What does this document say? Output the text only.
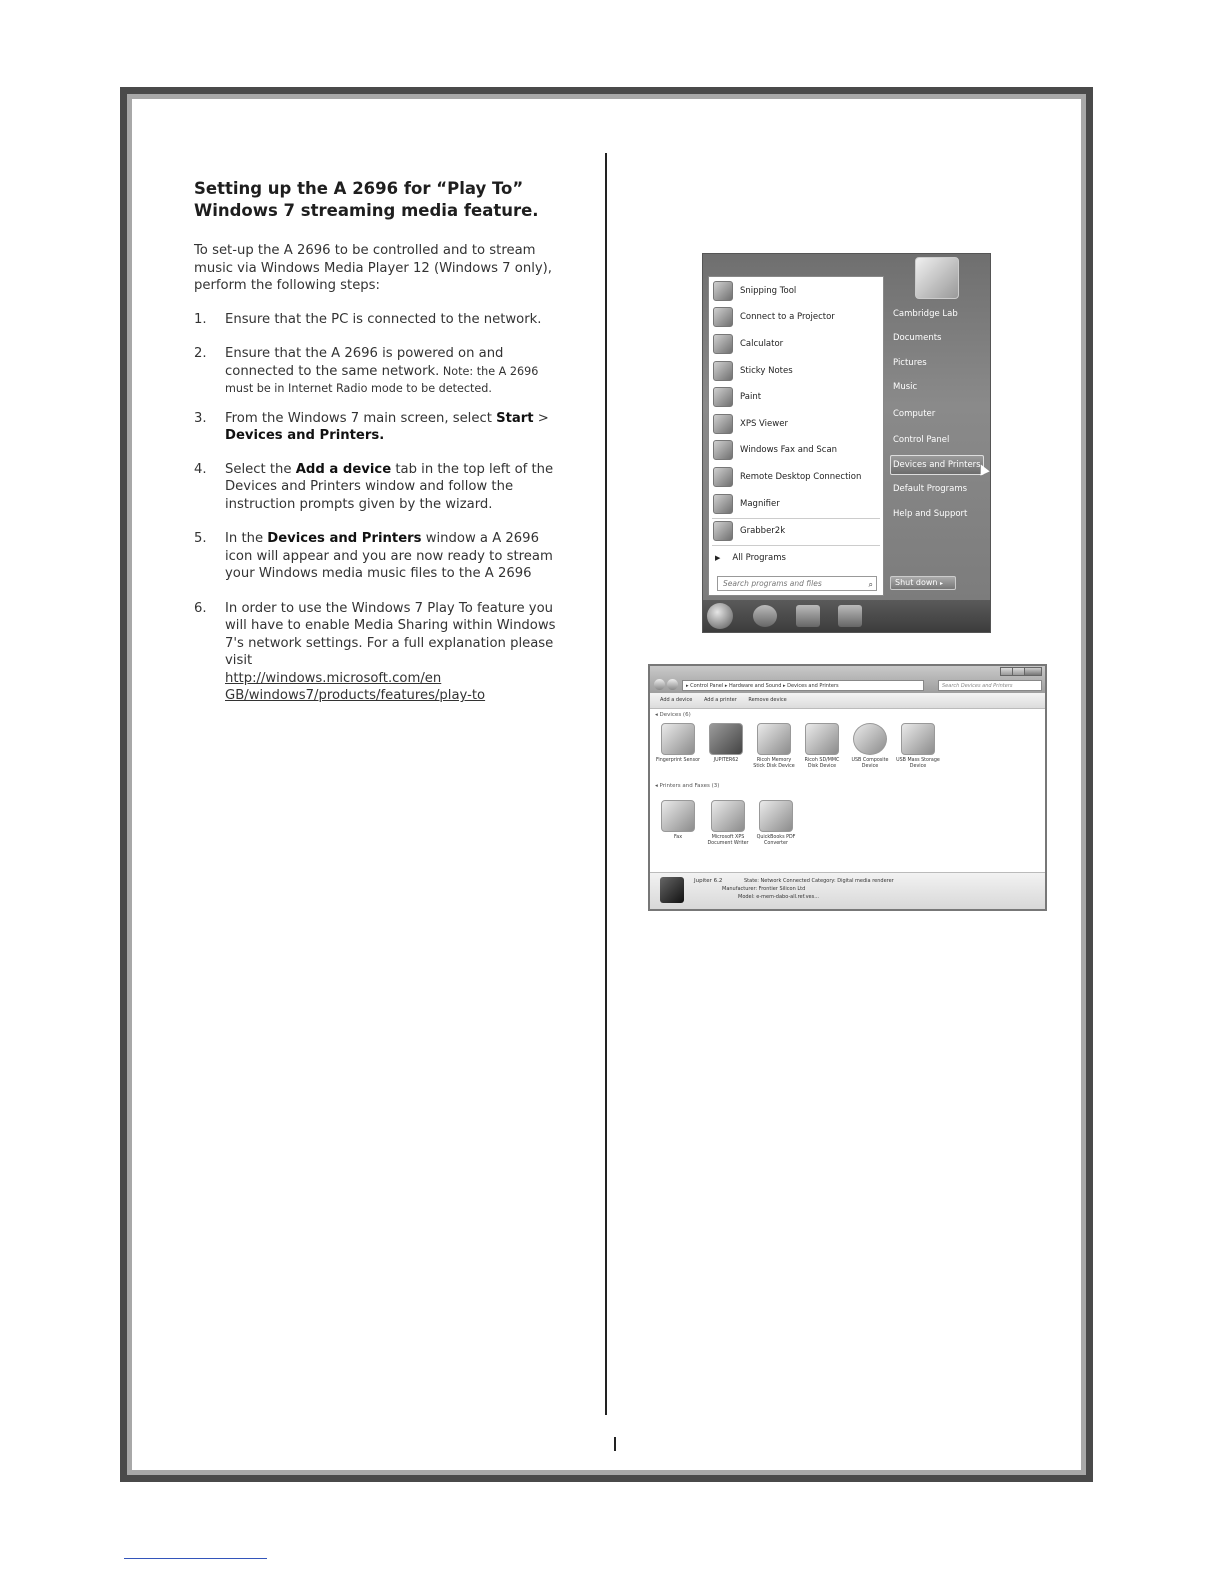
Setting up the A 2696 for “Play To”
Windows 7 streaming media feature.

To set-up the A 2696 to be controlled and to stream music via Windows Media Player 12 (Windows 7 only), perform the following steps:

1. Ensure that the PC is connected to the network.
2. Ensure that the A 2696 is powered on and connected to the same network. Note: the A 2696 must be in Internet Radio mode to be detected.
3. From the Windows 7 main screen, select Start > Devices and Printers.
4. Select the Add a device tab in the top left of the Devices and Printers window and follow the instruction prompts given by the wizard.
5. In the Devices and Printers window a A 2696 icon will appear and you are now ready to stream your Windows media music files to the A 2696
6. In order to use the Windows 7 Play To feature you will have to enable Media Sharing within Windows 7's network settings. For a full explanation please visit
http://windows.microsoft.com/en
GB/windows7/products/features/play-to
Snipping Tool
Connect to a Projector
Calculator
Sticky Notes
Paint
XPS Viewer
Windows Fax and Scan
Remote Desktop Connection
Magnifier
Grabber2k
▶ All Programs
Search programs and files	⌕
Cambridge Lab
Documents
Pictures
Music
Computer
Control Panel
Devices and Printers
Default Programs
Help and Support
Shut down ▸
▸ Control Panel ▸ Hardware and Sound ▸ Devices and Printers	Search Devices and Printers
Add a device Add a printer Remove device
◂ Devices (6)
Fingerprint Sensor	JUPITER62	Ricoh Memory Stick Disk Device
Ricoh SD/MMC Disk Device
USB Composite Device
USB Mass Storage Device
◂ Printers and Faxes (3)
Fax	Microsoft XPS Document Writer
QuickBooks PDF Converter
Jupiter 6.2	State: Network Connected Category: Digital media renderer
Manufacturer: Frontier Silicon Ltd
Model: e-mem-dabo-all.ref.ves...
